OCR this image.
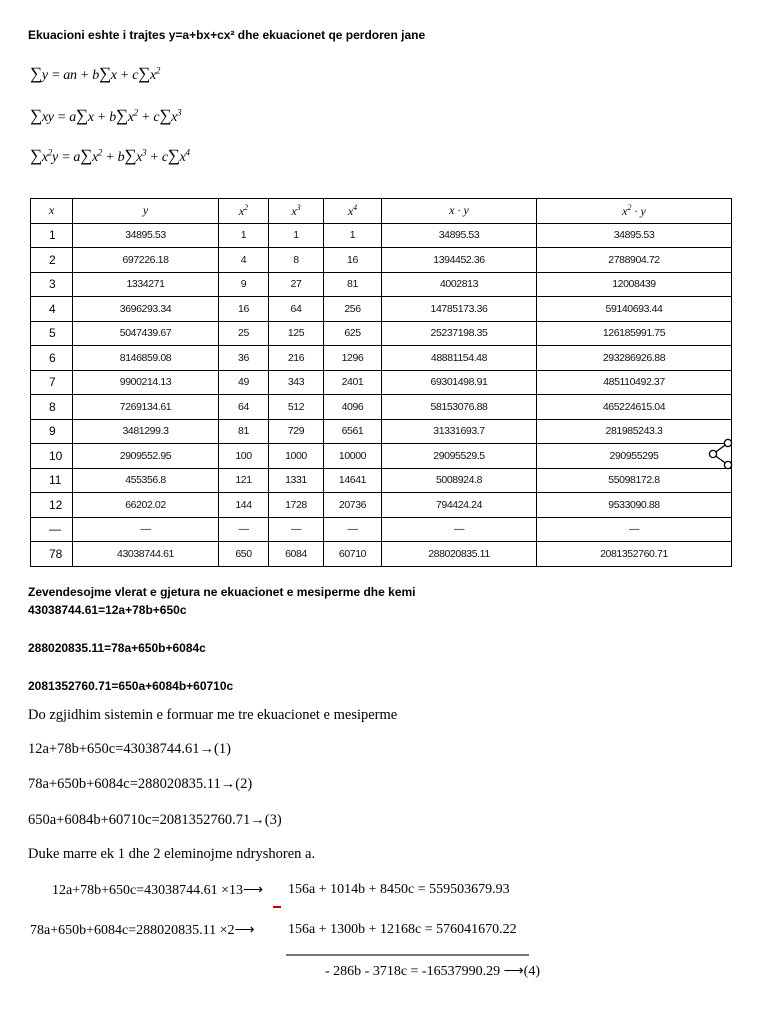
Ekuacioni eshte i trajtes y=a+bx+cx² dhe ekuacionet qe perdoren jane
∑y = an + $b\sum x + c\sum x^2$
$\sum xy = a\sum x + b\sum x^2 + c\sum x^3$
$\sum x^2y = a\sum x^2 + b\sum x^3 + c\sum x^4$
x	y	$x^2$	$x^3$	$x^4$	x · y	$x^2 \cdot y$
1	34895.53	1	1	1	34895.53	34895.53
2	697226.18	4	8	16	1394452.36	2788904.72
3	1334271	9	27	81	4002813	12008439
4	3696293.34	16	64	256	14785173.36	59140693.44
5	5047439.67	25	125	625	25237198.35	126185991.75
6	8146859.08	36	216	1296	48881154.48	293286926.88
7	9900214.13	49	343	2401	69301498.91	485110492.37
8	7269134.61	64	512	4096	58153076.88	465224615.04
9	3481299.3	81	729	6561	31331693.7	281985243.3
10	2909552.95	100	1000	10000	29095529.5	290955295
11	455356.8	121	1331	14641	5008924.8	55098172.8
12	66202.02	144	1728	20736	794424.24	9533090.88
—	—	—	—	—	—	—
78	43038744.61	650	6084	60710	288020835.11	2081352760.71
Zevendesojme vlerat e gjetura ne ekuacionet e mesiperme dhe kemi
43038744.61=12a+78b+650c
288020835.11=78a+650b+6084c
2081352760.71=650a+6084b+60710c
Do zgjidhim sistemin e formuar me tre ekuacionet e mesiperme
12a+78b+650c=43038744.61→(1)
78a+650b+6084c=288020835.11→(2)
650a+6084b+60710c=2081352760.71→(3)
Duke marre ek 1 dhe 2 eleminojme ndryshoren a.
12a+78b+650c=43038744.61 ×13⟶ 156a + 1014b + 8450c = 559503679.93
78a+650b+6084c=288020835.11 ×2⟶ 156a + 1300b + 12168c = 576041670.22
- 286b - 3718c = -16537990.29 ⟶(4)
